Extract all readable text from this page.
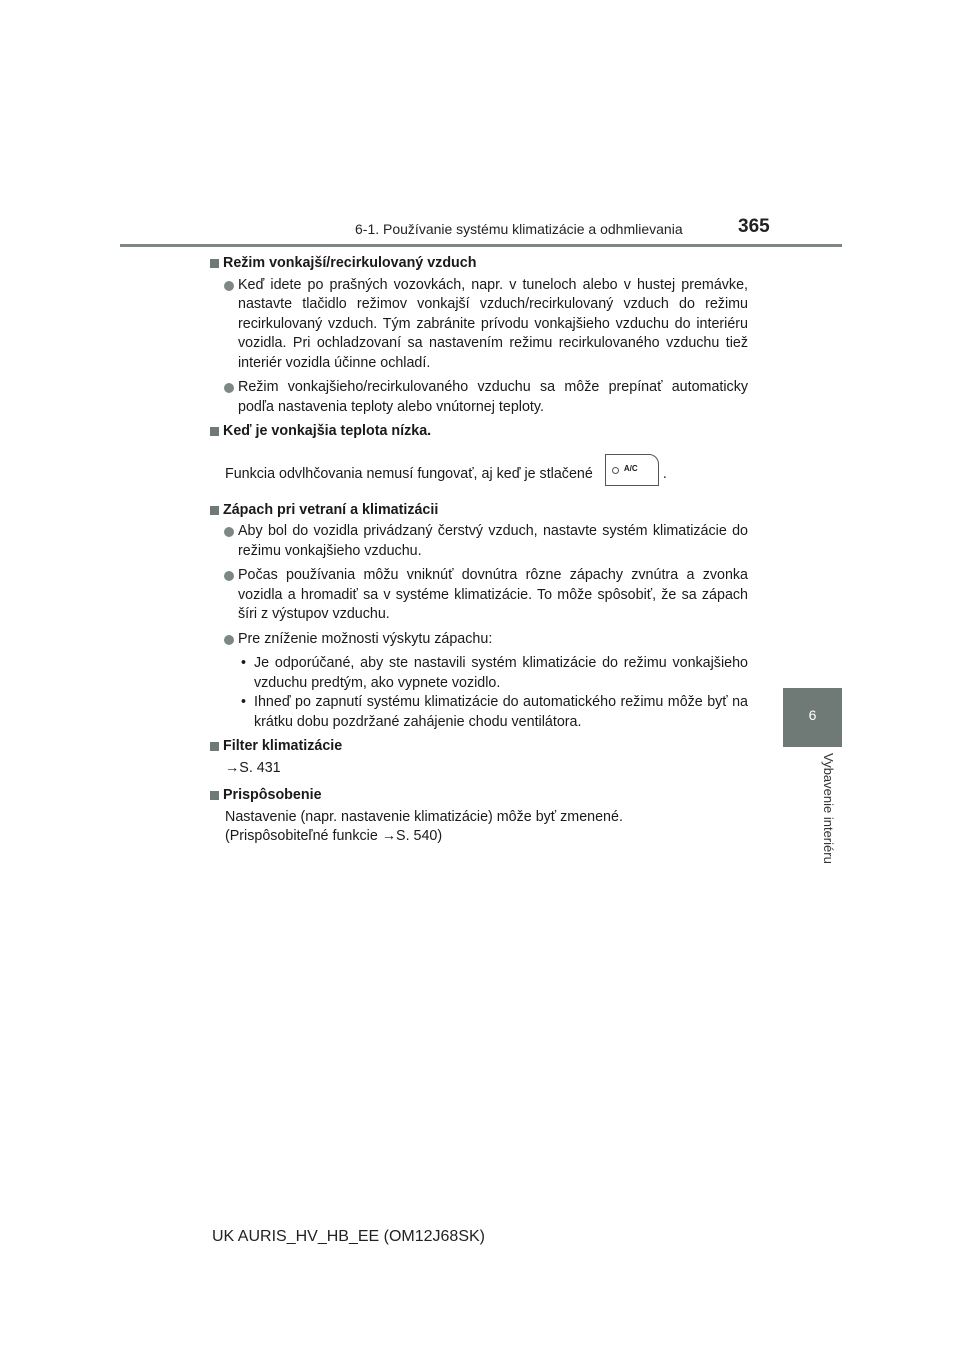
6-1. Používanie systému klimatizácie a odhmlievania	365
6
Vybavenie interiéru
Režim vonkajší/recirkulovaný vzduch
Keď idete po prašných vozovkách, napr. v tuneloch alebo v hustej premávke, nastavte tlačidlo režimov vonkajší vzduch/recirkulovaný vzduch do režimu recirkulovaný vzduch. Tým zabránite prívodu vonkajšieho vzduchu do interiéru vozidla. Pri ochladzovaní sa nastavením režimu recirkulovaného vzduchu tiež interiér vozidla účinne ochladí.
Režim vonkajšieho/recirkulovaného vzduchu sa môže prepínať automaticky podľa nastavenia teploty alebo vnútornej teploty.
Keď je vonkajšia teplota nízka.
Funkcia odvlhčovania nemusí fungovať, aj keď je stlačené	A/C .
Zápach pri vetraní a klimatizácii
Aby bol do vozidla privádzaný čerstvý vzduch, nastavte systém klimatizácie do režimu vonkajšieho vzduchu.
Počas používania môžu vniknúť dovnútra rôzne zápachy zvnútra a zvonka vozidla a hromadiť sa v systéme klimatizácie. To môže spôsobiť, že sa zápach šíri z výstupov vzduchu.
Pre zníženie možnosti výskytu zápachu:
• Je odporúčané, aby ste nastavili systém klimatizácie do režimu vonkajšieho vzduchu predtým, ako vypnete vozidlo.
• Ihneď po zapnutí systému klimatizácie do automatického režimu môže byť na krátku dobu pozdržané zahájenie chodu ventilátora.
Filter klimatizácie
→S. 431
Prispôsobenie
Nastavenie (napr. nastavenie klimatizácie) môže byť zmenené.
(Prispôsobiteľné funkcie →S. 540)
UK AURIS_HV_HB_EE (OM12J68SK)
